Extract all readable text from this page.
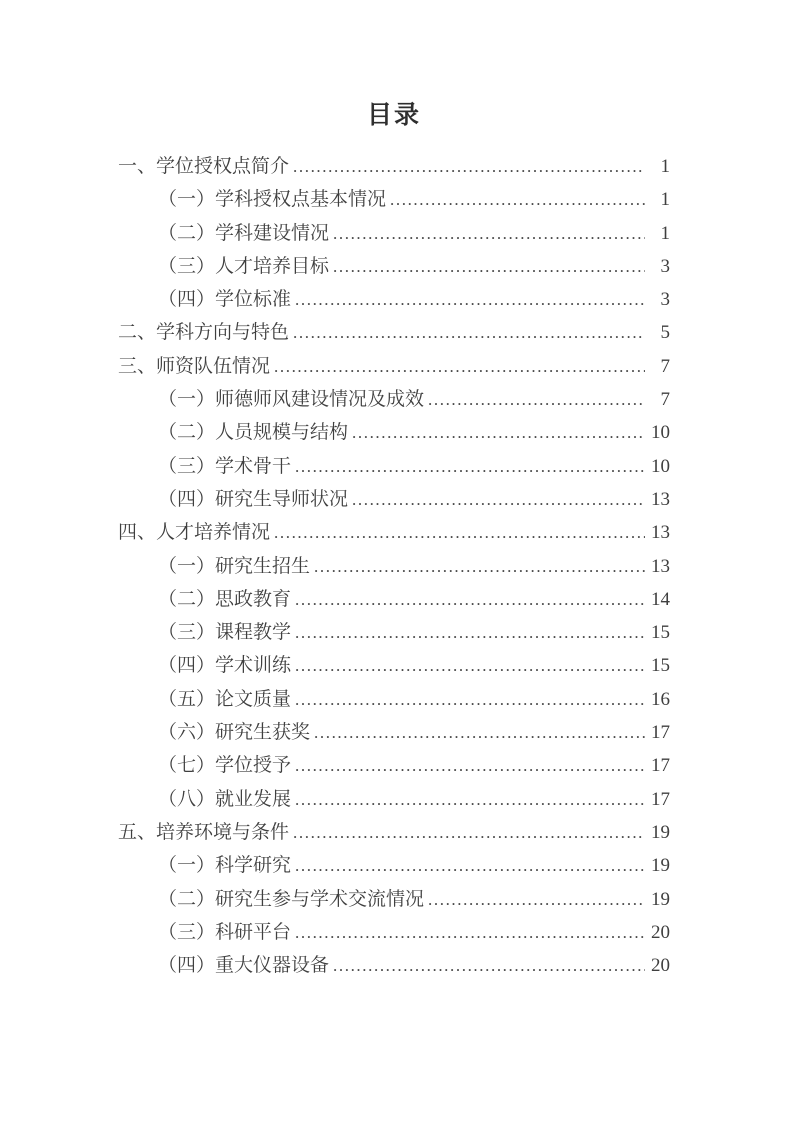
目录
一、学位授权点简介 .....	1
（一）学科授权点基本情况 .....	1
（二）学科建设情况 .....	1
（三）人才培养目标 .....	3
（四）学位标准 .....	3
二、学科方向与特色 .....	5
三、师资队伍情况 .....	7
（一）师德师风建设情况及成效 .....	7
（二）人员规模与结构 .....	10
（三）学术骨干 .....	10
（四）研究生导师状况 .....	13
四、人才培养情况 .....	13
（一）研究生招生 .....	13
（二）思政教育 .....	14
（三）课程教学 .....	15
（四）学术训练 .....	15
（五）论文质量 .....	16
（六）研究生获奖 .....	17
（七）学位授予 .....	17
（八）就业发展 .....	17
五、培养环境与条件 .....	19
（一）科学研究 .....	19
（二）研究生参与学术交流情况 .....	19
（三）科研平台 .....	20
（四）重大仪器设备 .....	20
